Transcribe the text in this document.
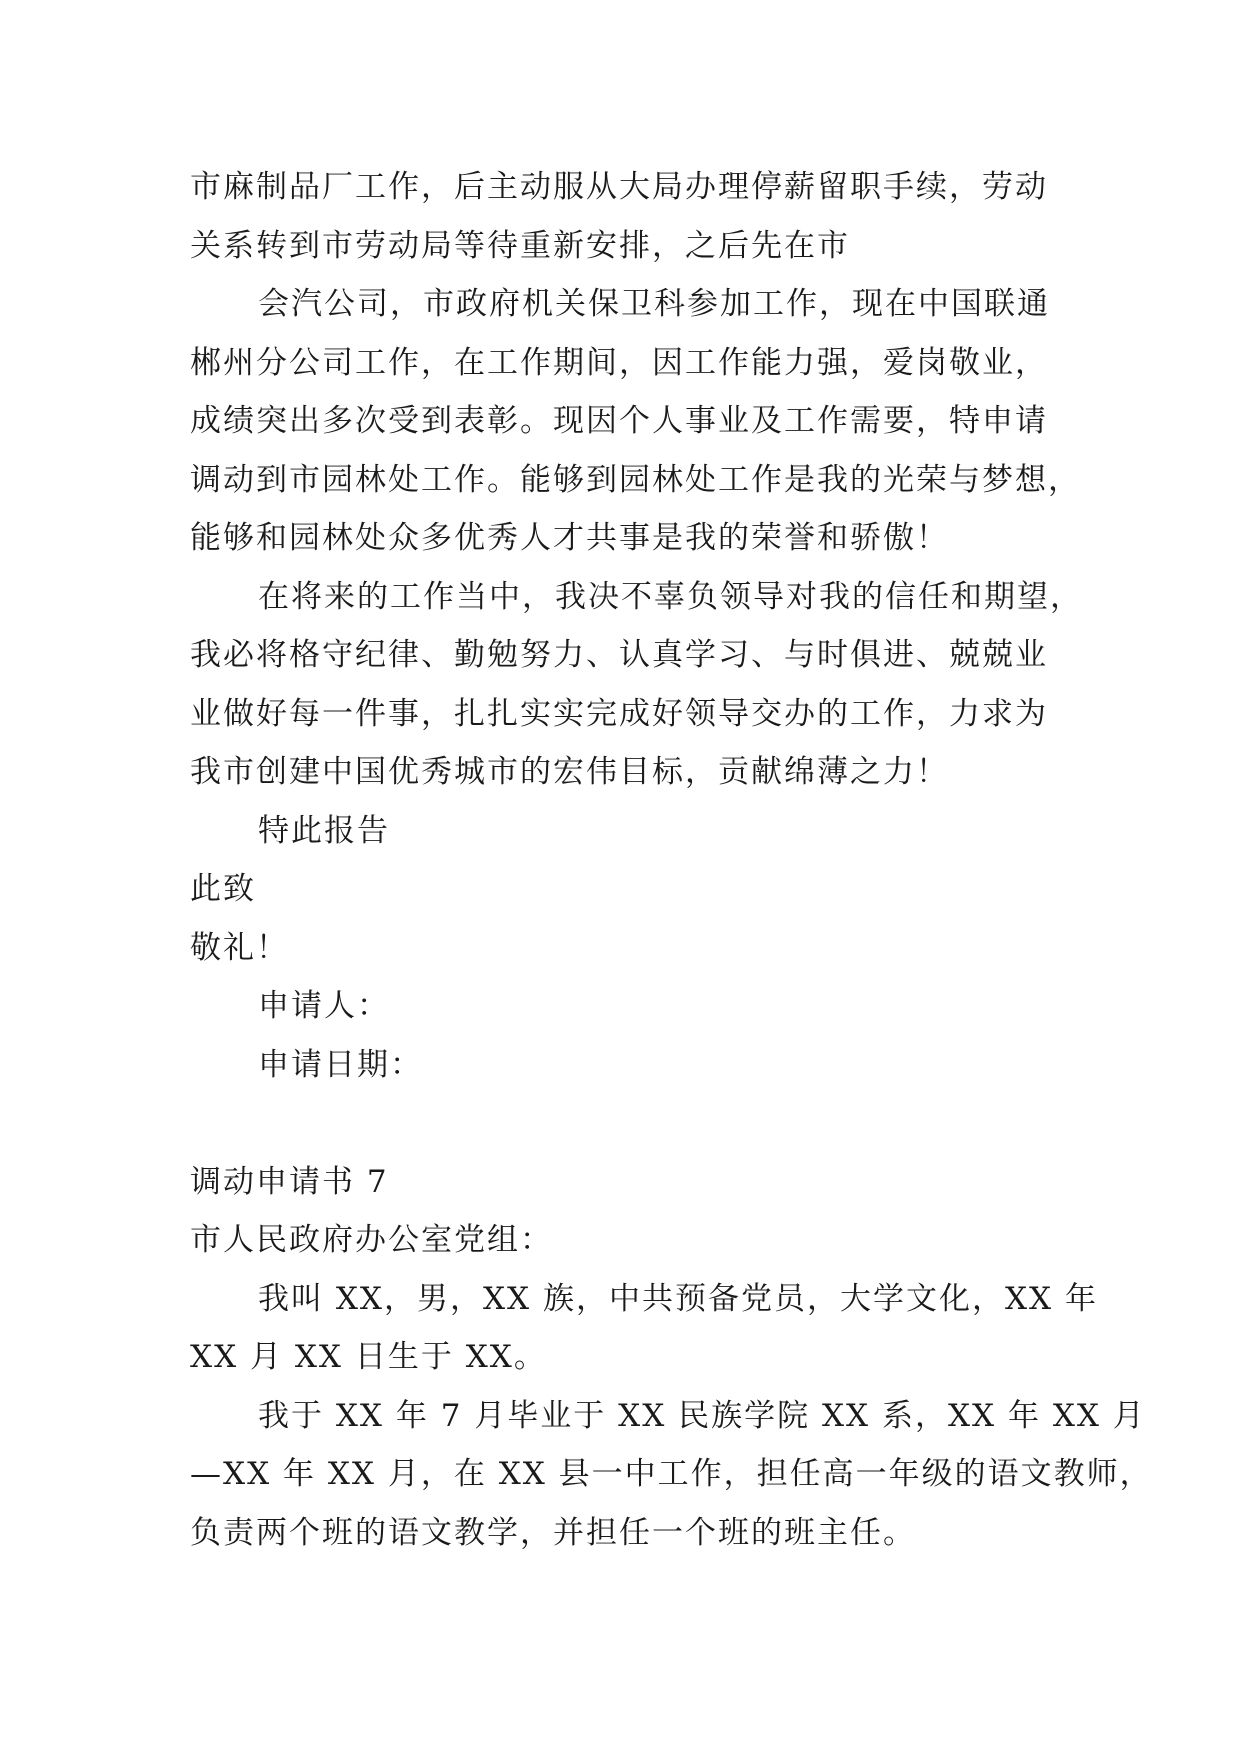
市麻制品厂工作，后主动服从大局办理停薪留职手续，劳动
关系转到市劳动局等待重新安排，之后先在市
会汽公司，市政府机关保卫科参加工作，现在中国联通
郴州分公司工作，在工作期间，因工作能力强，爱岗敬业，
成绩突出多次受到表彰。现因个人事业及工作需要，特申请
调动到市园林处工作。能够到园林处工作是我的光荣与梦想，
能够和园林处众多优秀人才共事是我的荣誉和骄傲！
在将来的工作当中，我决不辜负领导对我的信任和期望，
我必将格守纪律、勤勉努力、认真学习、与时俱进、兢兢业
业做好每一件事，扎扎实实完成好领导交办的工作，力求为
我市创建中国优秀城市的宏伟目标，贡献绵薄之力！
特此报告
此致
敬礼！
申请人：
申请日期：
调动申请书 7
市人民政府办公室党组：
我叫 XX，男，XX 族，中共预备党员，大学文化，XX 年
XX 月 XX 日生于 XX。
我于 XX 年 7 月毕业于 XX 民族学院 XX 系，XX 年 XX 月
—XX 年 XX 月，在 XX 县一中工作，担任高一年级的语文教师，
负责两个班的语文教学，并担任一个班的班主任。
